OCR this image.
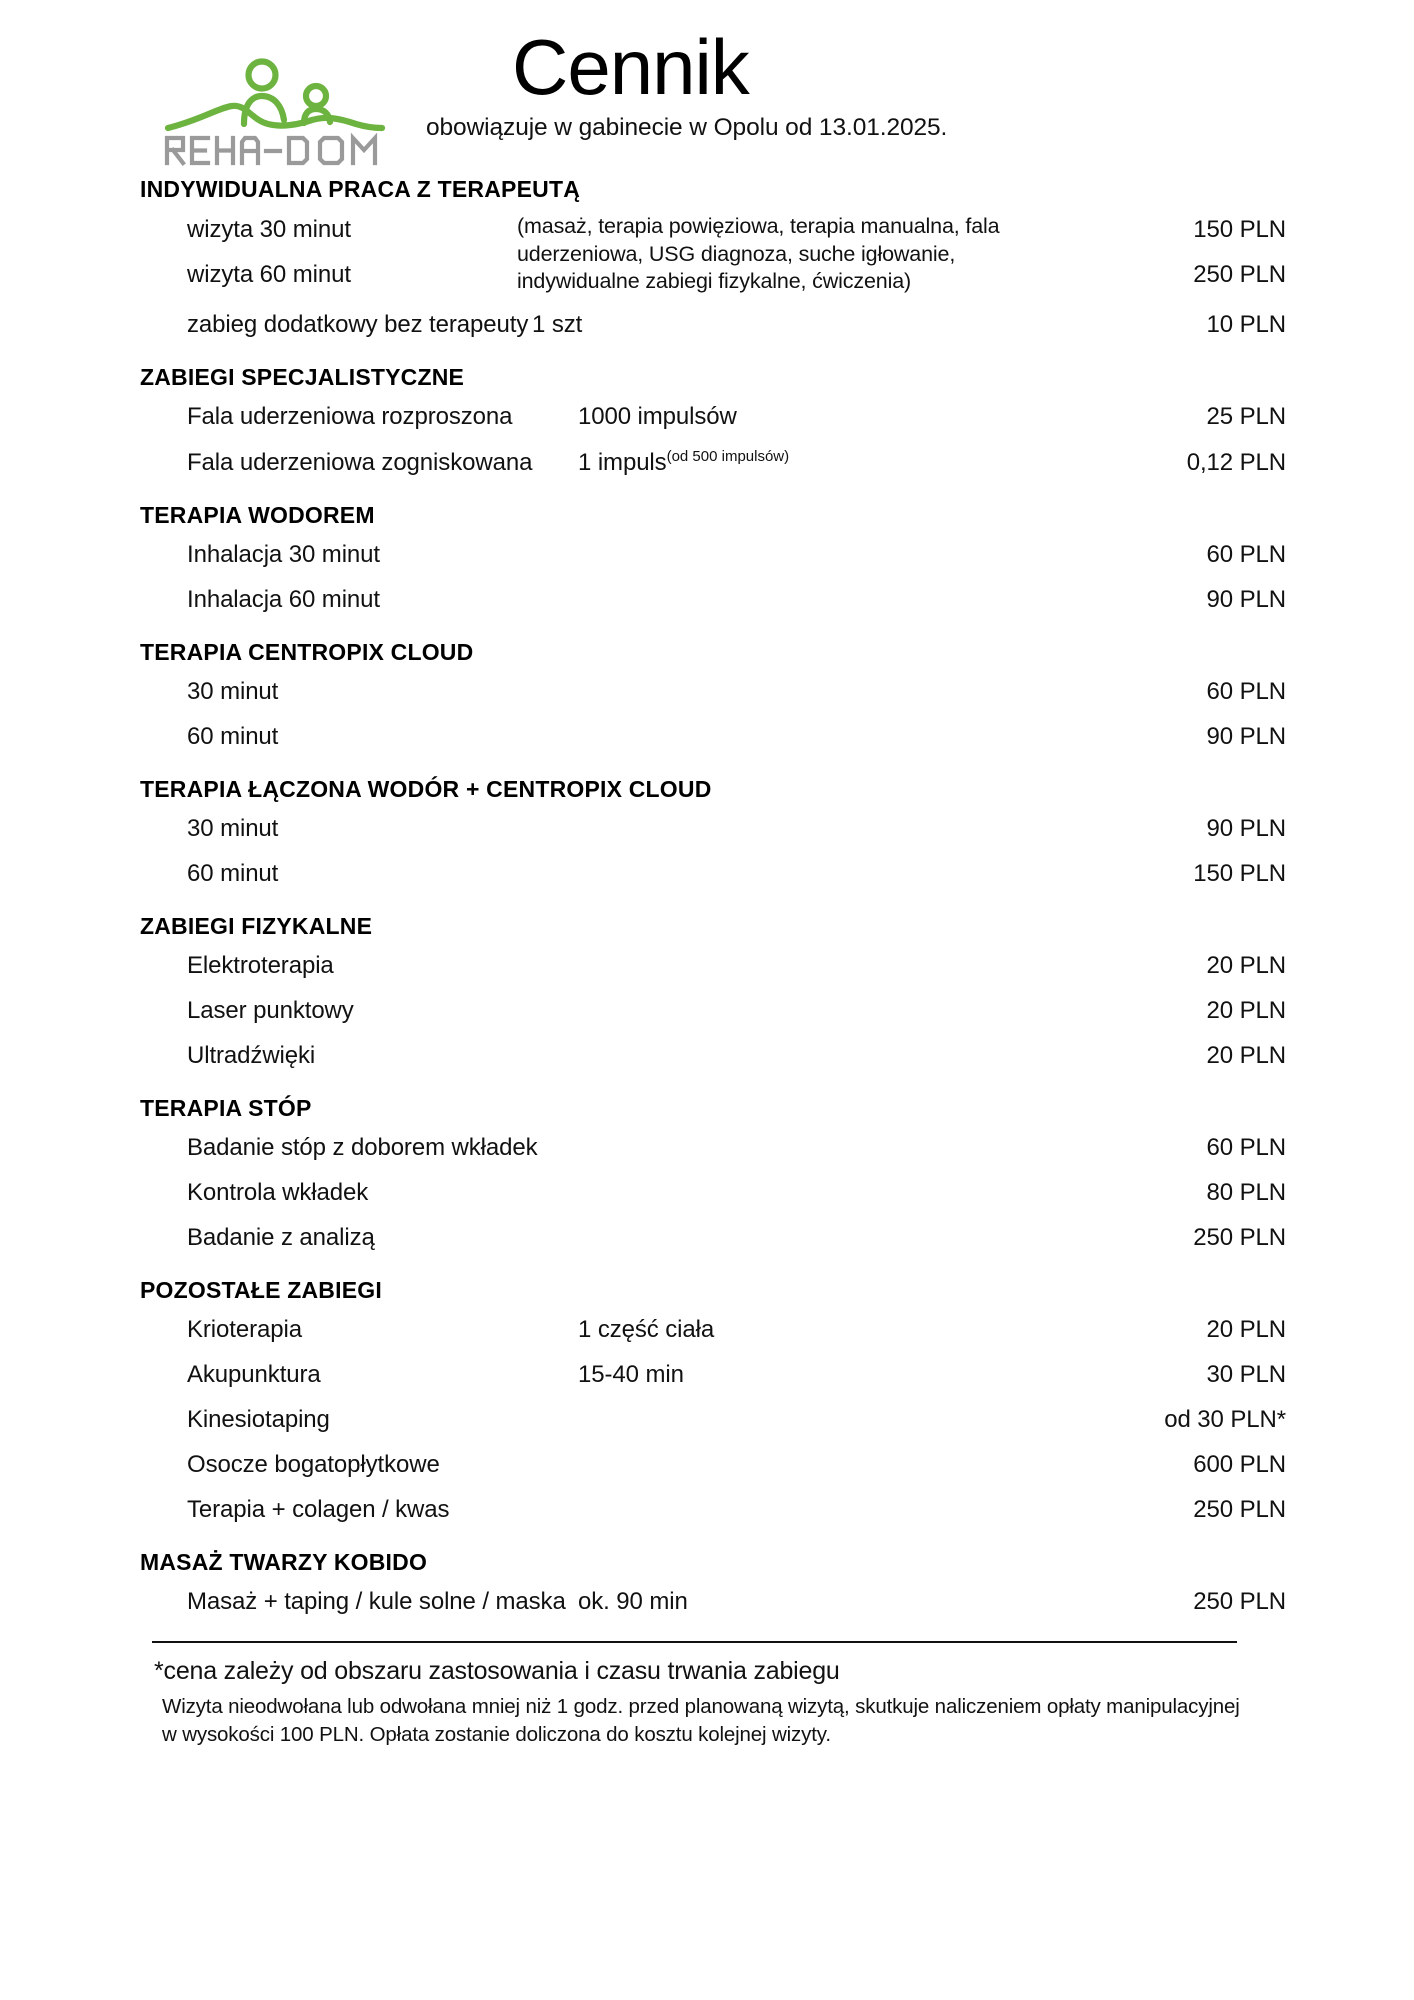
Cennik
obowiązuje w gabinecie w Opolu od 13.01.2025.
INDYWIDUALNA PRACA Z TERAPEUTĄ
(masaż, terapia powięziowa, terapia manualna, fala uderzeniowa, USG diagnoza, suche igłowanie, indywidualne zabiegi fizykalne, ćwiczenia)
wizyta 30 minut	150 PLN
wizyta 60 minut	250 PLN
zabieg dodatkowy bez terapeuty 1 szt	10 PLN
ZABIEGI SPECJALISTYCZNE
Fala uderzeniowa rozproszona	1000 impulsów	25 PLN
Fala uderzeniowa zogniskowana	1 impuls$^{(od 500 impulsów)}$	0,12 PLN
TERAPIA WODOREM
Inhalacja 30 minut	60 PLN
Inhalacja 60 minut	90 PLN
TERAPIA CENTROPIX CLOUD
30 minut	60 PLN
60 minut	90 PLN
TERAPIA ŁĄCZONA WODÓR + CENTROPIX CLOUD
30 minut	90 PLN
60 minut	150 PLN
ZABIEGI FIZYKALNE
Elektroterapia	20 PLN
Laser punktowy	20 PLN
Ultradźwięki	20 PLN
TERAPIA STÓP
Badanie stóp z doborem wkładek	60 PLN
Kontrola wkładek	80 PLN
Badanie z analizą	250 PLN
POZOSTAŁE ZABIEGI
Krioterapia	1 część ciała	20 PLN
Akupunktura	15-40 min	30 PLN
Kinesiotaping	od 30 PLN*
Osocze bogatopłytkowe	600 PLN
Terapia + colagen / kwas	250 PLN
MASAŻ TWARZY KOBIDO
Masaż + taping / kule solne / maska ok. 90 min	250 PLN
*cena zależy od obszaru zastosowania i czasu trwania zabiegu
Wizyta nieodwołana lub odwołana mniej niż 1 godz. przed planowaną wizytą, skutkuje naliczeniem opłaty manipulacyjnej w wysokości 100 PLN. Opłata zostanie doliczona do kosztu kolejnej wizyty.
